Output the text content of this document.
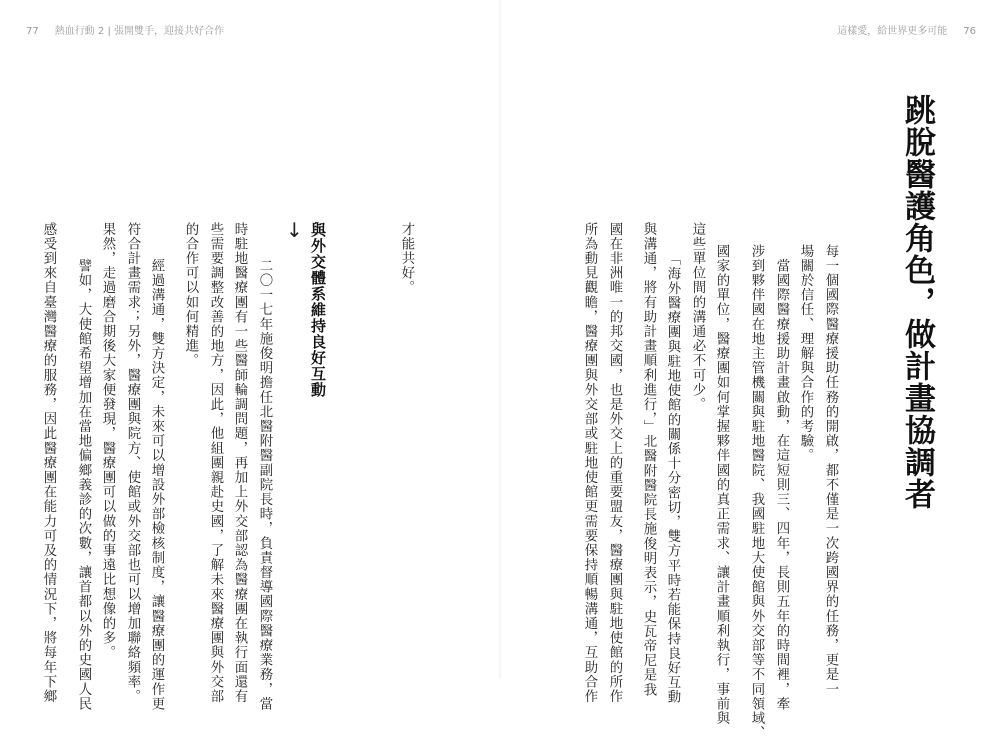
77 熱血行動 2 | 張開雙手，迎接共好合作	這樣愛，給世界更多可能 76
跳脫醫護角色，做計畫協調者
每一個國際醫療援助任務的開啟，都不僅是一次跨國界的任務，更是一
場關於信任、理解與合作的考驗。
　當國際醫療援助計畫啟動，在這短則三、四年，長則五年的時間裡，牽
涉到夥伴國在地主管機關與駐地醫院、我國駐地大使館與外交部等不同領域、
國家的單位，醫療團如何掌握夥伴國的真正需求、讓計畫順利執行，事前與
這些單位間的溝通必不可少。
　「海外醫療團與駐地使館的關係十分密切，雙方平時若能保持良好互動
與溝通，將有助計畫順利進行，」北醫附醫院長施俊明表示，史瓦帝尼是我
國在非洲唯一的邦交國，也是外交上的重要盟友，醫療團與駐地使館的所作
所為動見觀瞻，醫療團與外交部或駐地使館更需要保持順暢溝通，互助合作
才能共好。
與外交體系維持良好互動
↓
　二〇一七年施俊明擔任北醫附醫副院長時，負責督導國際醫療業務，當
時駐地醫療團有一些醫師輪調問題，再加上外交部認為醫療團在執行面還有
些需要調整改善的地方，因此，他組團親赴史國，了解未來醫療團與外交部
的合作可以如何精進。
　經過溝通，雙方決定，未來可以增設外部檢核制度，讓醫療團的運作更
符合計畫需求；另外，醫療團與院方、使館或外交部也可以增加聯絡頻率。
果然，走過磨合期後大家便發現，醫療團可以做的事遠比想像的多。
　譬如，大使館希望增加在當地偏鄉義診的次數，讓首都以外的史國人民
感受到來自臺灣醫療的服務，因此醫療團在能力可及的情況下，將每年下鄉
